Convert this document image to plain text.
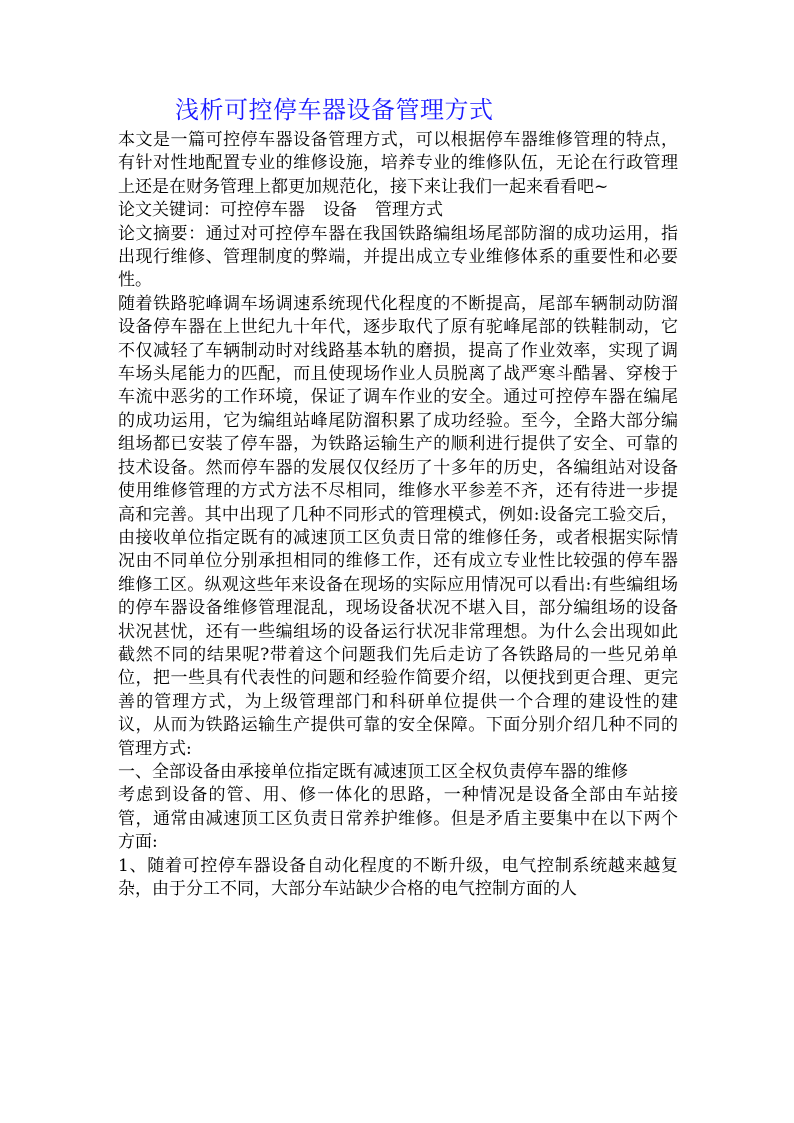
浅析可控停车器设备管理方式

本文是一篇可控停车器设备管理方式，可以根据停车器维修管理的特点，有针对性地配置专业的维修设施，培养专业的维修队伍，无论在行政管理上还是在财务管理上都更加规范化，接下来让我们一起来看看吧~

论文关键词：可控停车器 设备 管理方式

论文摘要：通过对可控停车器在我国铁路编组场尾部防溜的成功运用，指出现行维修、管理制度的弊端，并提出成立专业维修体系的重要性和必要性。

随着铁路驼峰调车场调速系统现代化程度的不断提高，尾部车辆制动防溜设备停车器在上世纪九十年代，逐步取代了原有驼峰尾部的铁鞋制动，它不仅减轻了车辆制动时对线路基本轨的磨损，提高了作业效率，实现了调车场头尾能力的匹配，而且使现场作业人员脱离了战严寒斗酷暑、穿梭于车流中恶劣的工作环境，保证了调车作业的安全。通过可控停车器在编尾的成功运用，它为编组站峰尾防溜积累了成功经验。至今，全路大部分编组场都已安装了停车器，为铁路运输生产的顺利进行提供了安全、可靠的技术设备。然而停车器的发展仅仅经历了十多年的历史，各编组站对设备使用维修管理的方式方法不尽相同，维修水平参差不齐，还有待进一步提高和完善。其中出现了几种不同形式的管理模式，例如:设备完工验交后，由接收单位指定既有的减速顶工区负责日常的维修任务，或者根据实际情况由不同单位分别承担相同的维修工作，还有成立专业性比较强的停车器维修工区。纵观这些年来设备在现场的实际应用情况可以看出:有些编组场的停车器设备维修管理混乱，现场设备状况不堪入目，部分编组场的设备状况甚忧，还有一些编组场的设备运行状况非常理想。为什么会出现如此截然不同的结果呢?带着这个问题我们先后走访了各铁路局的一些兄弟单位，把一些具有代表性的问题和经验作简要介绍，以便找到更合理、更完善的管理方式，为上级管理部门和科研单位提供一个合理的建设性的建议，从而为铁路运输生产提供可靠的安全保障。下面分别介绍几种不同的管理方式:

一、全部设备由承接单位指定既有减速顶工区全权负责停车器的维修

考虑到设备的管、用、修一体化的思路，一种情况是设备全部由车站接管，通常由减速顶工区负责日常养护维修。但是矛盾主要集中在以下两个方面:

1、随着可控停车器设备自动化程度的不断升级，电气控制系统越来越复杂，由于分工不同，大部分车站缺少合格的电气控制方面的人
